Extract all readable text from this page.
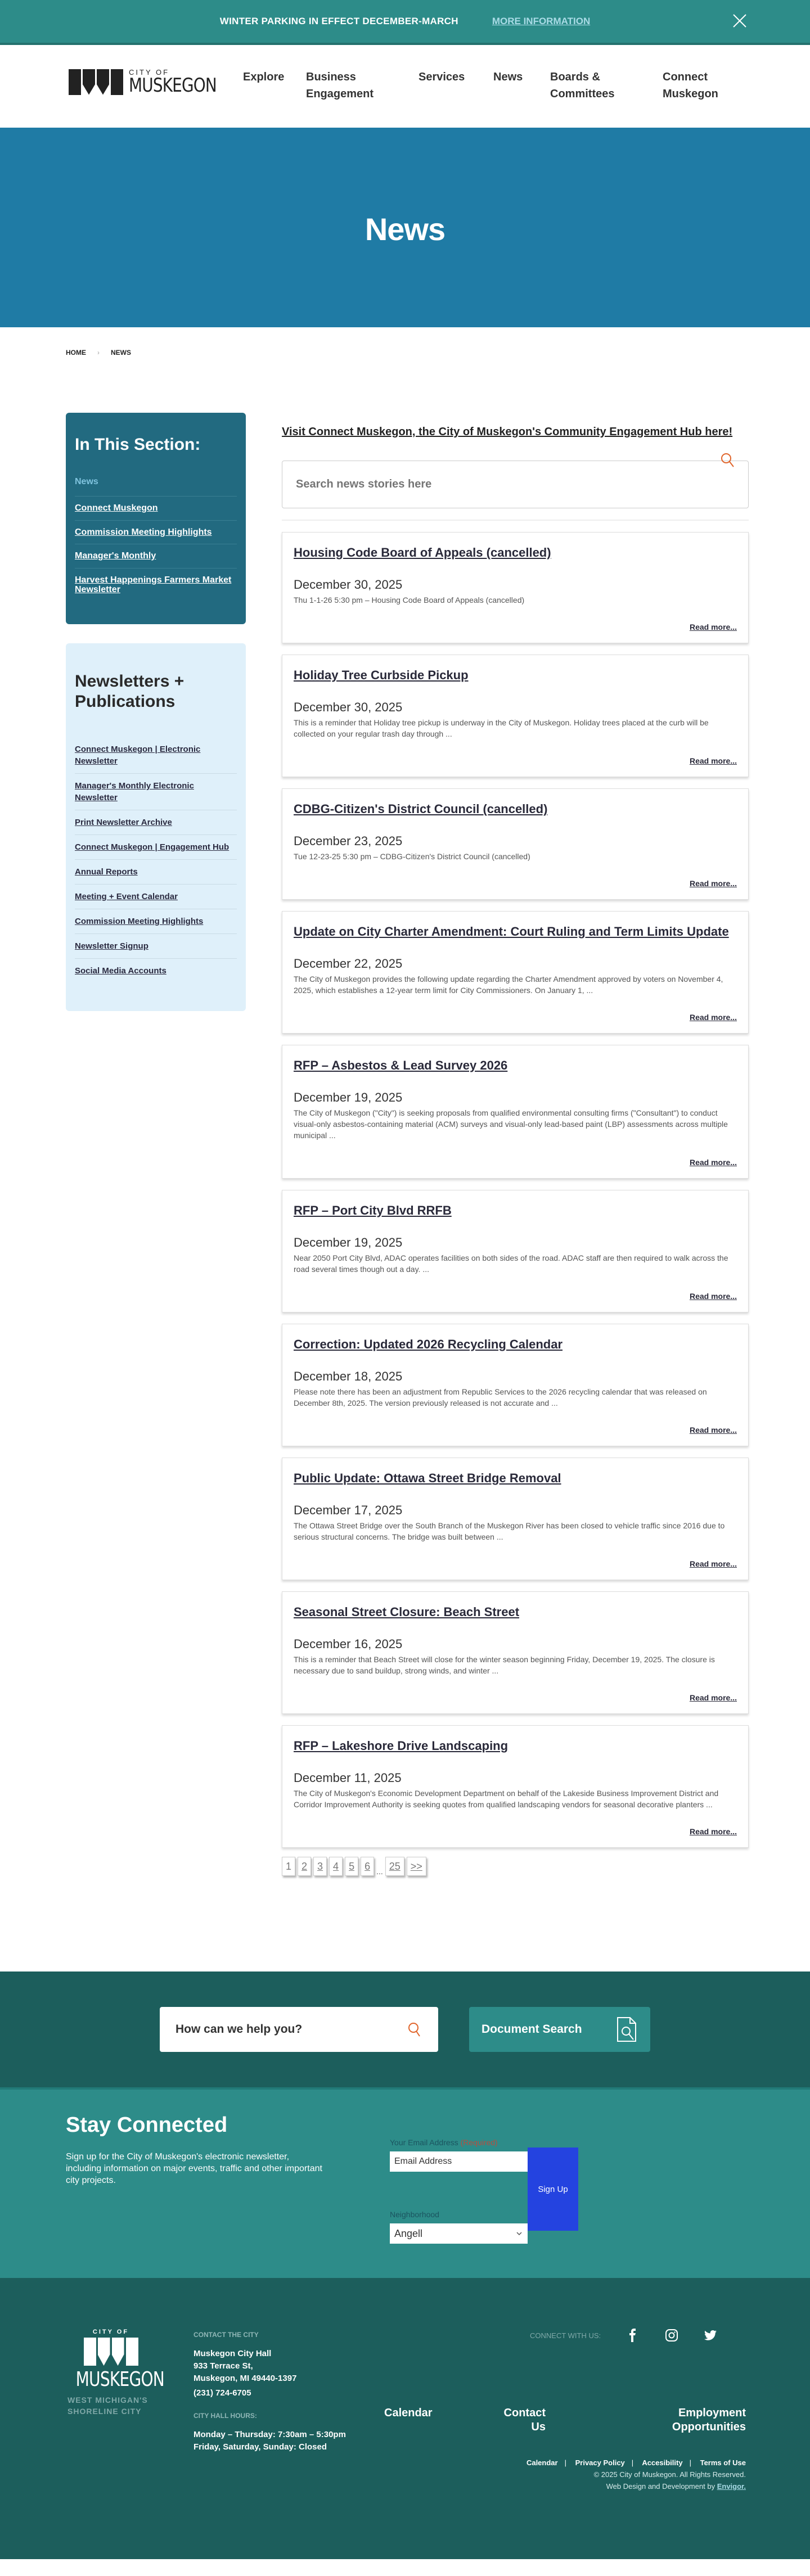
WINTER PARKING IN EFFECT DECEMBER-MARCH	MORE INFORMATION
CITY OF
MUSKEGON Explore Business Engagement
Services	News	Boards & Committees
Connect Muskegon
News
HOME › NEWS
In This Section:
News
Connect Muskegon
Commission Meeting Highlights
Manager's Monthly
Harvest Happenings Farmers Market Newsletter
Newsletters + Publications
Connect Muskegon | Electronic Newsletter
Manager's Monthly Electronic Newsletter
Print Newsletter Archive
Connect Muskegon | Engagement Hub
Annual Reports
Meeting + Event Calendar
Commission Meeting Highlights
Newsletter Signup
Social Media Accounts
Visit Connect Muskegon, the City of Muskegon's Community Engagement Hub here!
Search news stories here
Housing Code Board of Appeals (cancelled)
December 30, 2025
Thu 1-1-26 5:30 pm – Housing Code Board of Appeals (cancelled)
Read more...
Holiday Tree Curbside Pickup
December 30, 2025
This is a reminder that Holiday tree pickup is underway in the City of Muskegon. Holiday trees placed at the curb will be collected on your regular trash day through ...
Read more...
CDBG-Citizen's District Council (cancelled)
December 23, 2025
Tue 12-23-25 5:30 pm – CDBG-Citizen's District Council (cancelled)
Read more...
Update on City Charter Amendment: Court Ruling and Term Limits Update
December 22, 2025
The City of Muskegon provides the following update regarding the Charter Amendment approved by voters on November 4, 2025, which establishes a 12-year term limit for City Commissioners. On January 1, ...
Read more...
RFP – Asbestos & Lead Survey 2026
December 19, 2025
The City of Muskegon ("City") is seeking proposals from qualified environmental consulting firms ("Consultant") to conduct visual-only asbestos-containing material (ACM) surveys and visual-only lead-based paint (LBP) assessments across multiple municipal ...
Read more...
RFP – Port City Blvd RRFB
December 19, 2025
Near 2050 Port City Blvd, ADAC operates facilities on both sides of the road. ADAC staff are then required to walk across the road several times though out a day. ...
Read more...
Correction: Updated 2026 Recycling Calendar
December 18, 2025
Please note there has been an adjustment from Republic Services to the 2026 recycling calendar that was released on December 8th, 2025. The version previously released is not accurate and ...
Read more...
Public Update: Ottawa Street Bridge Removal
December 17, 2025
The Ottawa Street Bridge over the South Branch of the Muskegon River has been closed to vehicle traffic since 2016 due to serious structural concerns. The bridge was built between ...
Read more...
Seasonal Street Closure: Beach Street
December 16, 2025
This is a reminder that Beach Street will close for the winter season beginning Friday, December 19, 2025. The closure is necessary due to sand buildup, strong winds, and winter ...
Read more...
RFP – Lakeshore Drive Landscaping
December 11, 2025
The City of Muskegon's Economic Development Department on behalf of the Lakeside Business Improvement District and Corridor Improvement Authority is seeking quotes from qualified landscaping vendors for seasonal decorative planters ...
Read more...
1	2	3	4	5	6 ... 25	>>
How can we help you?	Document Search
Stay Connected

Sign up for the City of Muskegon's electronic newsletter, including information on major events, traffic and other important city projects.

Your Email Address (Required)
Email Address
Neighborhood
Angell
Sign Up
CITY OF
MUSKEGON
WEST MICHIGAN'S
SHORELINE CITY
CONTACT THE CITY
Muskegon City Hall
933 Terrace St,
Muskegon, MI 49440-1397
(231) 724-6705
CITY HALL HOURS:
Monday – Thursday: 7:30am – 5:30pm
Friday, Saturday, Sunday: Closed
CONNECT WITH US:
Calendar	Contact Us
Employment Opportunities
Calendar | Privacy Policy | Accesibility | Terms of Use
© 2025 City of Muskegon. All Rights Reserved.
Web Design and Development by Envigor.
